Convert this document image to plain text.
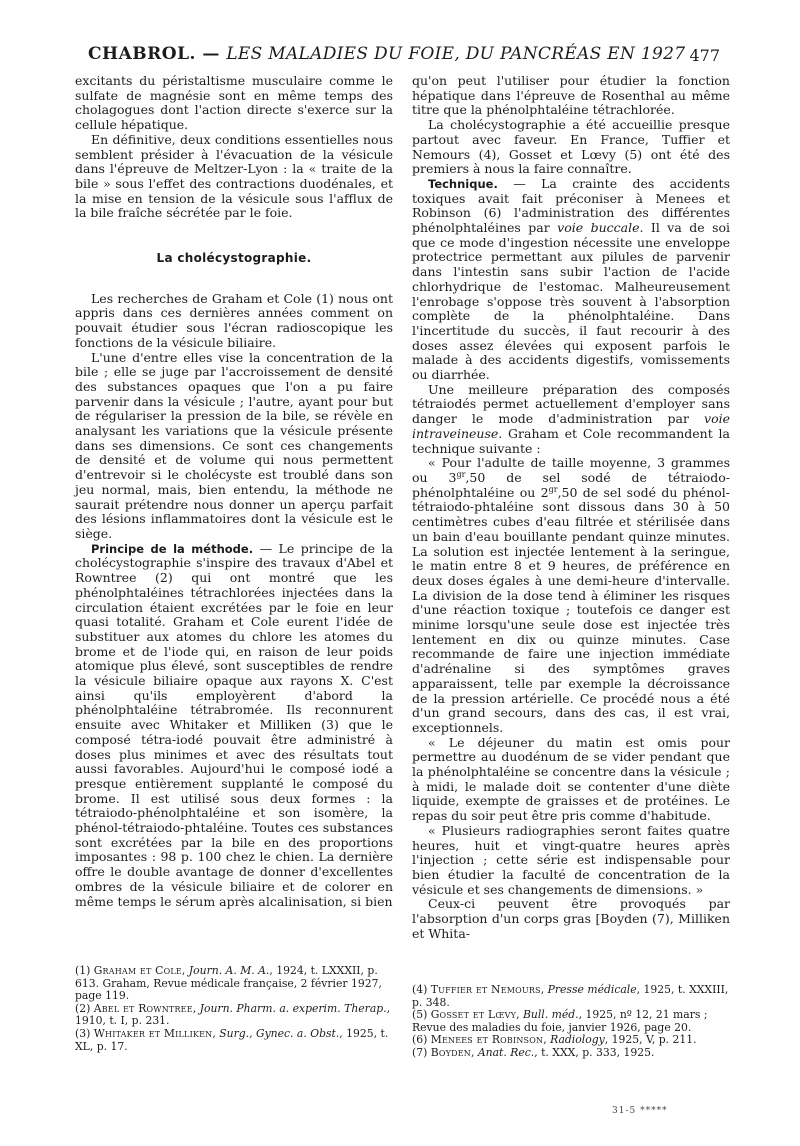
CHABROL. — LES MALADIES DU FOIE, DU PANCRÉAS EN 1927 477

excitants du péristaltisme musculaire comme le sulfate de magnésie sont en même temps des cholagogues dont l'action directe s'exerce sur la cellule hépatique.

En définitive, deux conditions essentielles nous semblent présider à l'évacuation de la vésicule dans l'épreuve de Meltzer-Lyon : la « traite de la bile » sous l'effet des contractions duodénales, et la mise en tension de la vésicule sous l'afflux de la bile fraîche sécrétée par le foie.

La cholécystographie.

Les recherches de Graham et Cole (1) nous ont appris dans ces dernières années comment on pouvait étudier sous l'écran radioscopique les fonctions de la vésicule biliaire.

L'une d'entre elles vise la concentration de la bile ; elle se juge par l'accroissement de densité des substances opaques que l'on a pu faire parvenir dans la vésicule ; l'autre, ayant pour but de régulariser la pression de la bile, se révèle en analysant les variations que la vésicule présente dans ses dimensions. Ce sont ces changements de densité et de volume qui nous permettent d'entrevoir si le cholécyste est troublé dans son jeu normal, mais, bien entendu, la méthode ne saurait prétendre nous donner un aperçu parfait des lésions inflammatoires dont la vésicule est le siège.

Principe de la méthode. — Le principe de la cholécystographie s'inspire des travaux d'Abel et Rowntree (2) qui ont montré que les phénolphtaléines tétrachlorées injectées dans la circulation étaient excrétées par le foie en leur quasi totalité. Graham et Cole eurent l'idée de substituer aux atomes du chlore les atomes du brome et de l'iode qui, en raison de leur poids atomique plus élevé, sont susceptibles de rendre la vésicule biliaire opaque aux rayons X. C'est ainsi qu'ils employèrent d'abord la phénolphtaléine tétrabromée. Ils reconnurent ensuite avec Whitaker et Milliken (3) que le composé tétra-iodé pouvait être administré à doses plus minimes et avec des résultats tout aussi favorables. Aujourd'hui le composé iodé a presque entièrement supplanté le composé du brome. Il est utilisé sous deux formes : la tétraiodo-phénolphtaléine et son isomère, la phénol-tétraiodo-phtaléine. Toutes ces substances sont excrétées par la bile en des proportions imposantes : 98 p. 100 chez le chien. La dernière offre le double avantage de donner d'excellentes ombres de la vésicule biliaire et de colorer en même temps le sérum après alcalinisation, si bien

qu'on peut l'utiliser pour étudier la fonction hépatique dans l'épreuve de Rosenthal au même titre que la phénolphtaléine tétrachlorée.

La cholécystographie a été accueillie presque partout avec faveur. En France, Tuffier et Nemours (4), Gosset et Lœvy (5) ont été des premiers à nous la faire connaître.

Technique. — La crainte des accidents toxiques avait fait préconiser à Menees et Robinson (6) l'administration des différentes phénolphtaléines par voie buccale. Il va de soi que ce mode d'ingestion nécessite une enveloppe protectrice permettant aux pilules de parvenir dans l'intestin sans subir l'action de l'acide chlorhydrique de l'estomac. Malheureusement l'enrobage s'oppose très souvent à l'absorption complète de la phénolphtaléine. Dans l'incertitude du succès, il faut recourir à des doses assez élevées qui exposent parfois le malade à des accidents digestifs, vomissements ou diarrhée.

Une meilleure préparation des composés tétraiodés permet actuellement d'employer sans danger le mode d'administration par voie intraveineuse. Graham et Cole recommandent la technique suivante :

« Pour l'adulte de taille moyenne, 3 grammes ou $3^{gr},50$ de sel sodé de tétraiodo-phénolphtaléine ou $2^{gr},50$ de sel sodé du phénol-tétraiodo-phtaléine sont dissous dans 30 à 50 centimètres cubes d'eau filtrée et stérilisée dans un bain d'eau bouillante pendant quinze minutes. La solution est injectée lentement à la seringue, le matin entre 8 et 9 heures, de préférence en deux doses égales à une demi-heure d'intervalle. La division de la dose tend à éliminer les risques d'une réaction toxique ; toutefois ce danger est minime lorsqu'une seule dose est injectée très lentement en dix ou quinze minutes. Case recommande de faire une injection immédiate d'adrénaline si des symptômes graves apparaissent, telle par exemple la décroissance de la pression artérielle. Ce procédé nous a été d'un grand secours, dans des cas, il est vrai, exceptionnels.

« Le déjeuner du matin est omis pour permettre au duodénum de se vider pendant que la phénolphtaléine se concentre dans la vésicule ; à midi, le malade doit se contenter d'une diète liquide, exempte de graisses et de protéines. Le repas du soir peut être pris comme d'habitude.

« Plusieurs radiographies seront faites quatre heures, huit et vingt-quatre heures après l'injection ; cette série est indispensable pour bien étudier la faculté de concentration de la vésicule et ses changements de dimensions. »

Ceux-ci peuvent être provoqués par l'absorption d'un corps gras [Boyden (7), Milliken et Whita-

(1) Graham et Cole, Journ. A. M. A., 1924, t. LXXXII, p. 613. Graham, Revue médicale française, 2 février 1927, page 119.

(2) Abel et Rowntree, Journ. Pharm. a. experim. Therap., 1910, t. I, p. 231.

(3) Whitaker et Milliken, Surg., Gynec. a. Obst., 1925, t. XL, p. 17.

(4) Tuffier et Nemours, Presse médicale, 1925, t. XXXIII, p. 348.

(5) Gosset et Lœvy, Bull. méd., 1925, nº 12, 21 mars ; Revue des maladies du foie, janvier 1926, page 20.

(6) Menees et Robinson, Radiology, 1925, V, p. 211.

(7) Boyden, Anat. Rec., t. XXX, p. 333, 1925.

31-5 *****
